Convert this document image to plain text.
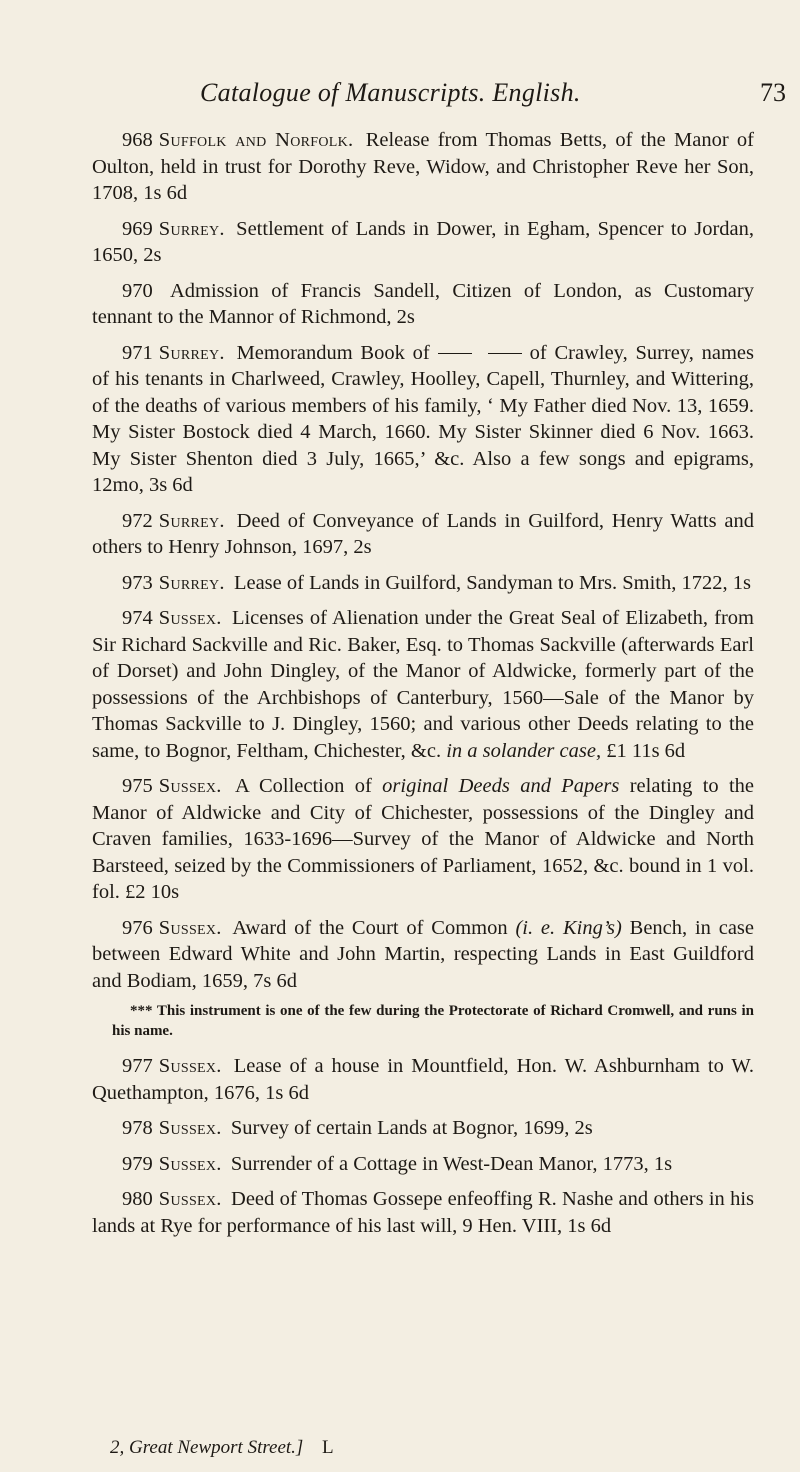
Catalogue of Manuscripts. English.	73

968 Suffolk and Norfolk. Release from Thomas Betts, of the Manor of Oulton, held in trust for Dorothy Reve, Widow, and Christopher Reve her Son, 1708, 1s 6d

969 Surrey. Settlement of Lands in Dower, in Egham, Spencer to Jordan, 1650, 2s

970 Admission of Francis Sandell, Citizen of London, as Customary tennant to the Mannor of Richmond, 2s

971 Surrey. Memorandum Book of	of Crawley, Surrey, names of his tenants in Charlweed, Crawley, Hoolley, Capell, Thurnley, and Wittering, of the deaths of various members of his family, ‘ My Father died Nov. 13, 1659. My Sister Bostock died 4 March, 1660. My Sister Skinner died 6 Nov. 1663. My Sister Shenton died 3 July, 1665,’ &c. Also a few songs and epigrams, 12mo, 3s 6d

972 Surrey. Deed of Conveyance of Lands in Guilford, Henry Watts and others to Henry Johnson, 1697, 2s

973 Surrey. Lease of Lands in Guilford, Sandyman to Mrs. Smith, 1722, 1s

974 Sussex. Licenses of Alienation under the Great Seal of Elizabeth, from Sir Richard Sackville and Ric. Baker, Esq. to Thomas Sackville (afterwards Earl of Dorset) and John Dingley, of the Manor of Aldwicke, formerly part of the possessions of the Archbishops of Canterbury, 1560—Sale of the Manor by Thomas Sackville to J. Dingley, 1560; and various other Deeds relating to the same, to Bognor, Feltham, Chichester, &c. in a solander case, £1 11s 6d

975 Sussex. A Collection of original Deeds and Papers relating to the Manor of Aldwicke and City of Chichester, possessions of the Dingley and Craven families, 1633-1696—Survey of the Manor of Aldwicke and North Barsteed, seized by the Commissioners of Parliament, 1652, &c. bound in 1 vol. fol. £2 10s

976 Sussex. Award of the Court of Common (i. e. King’s) Bench, in case between Edward White and John Martin, respecting Lands in East Guildford and Bodiam, 1659, 7s 6d

*⁠*⁠* This instrument is one of the few during the Protectorate of Richard Cromwell, and runs in his name.

977 Sussex. Lease of a house in Mountfield, Hon. W. Ashburnham to W. Quethampton, 1676, 1s 6d

978 Sussex. Survey of certain Lands at Bognor, 1699, 2s

979 Sussex. Surrender of a Cottage in West-Dean Manor, 1773, 1s

980 Sussex. Deed of Thomas Gossepe enfeoffing R. Nashe and others in his lands at Rye for performance of his last will, 9 Hen. VIII, 1s 6d

2, Great Newport Street.] L
